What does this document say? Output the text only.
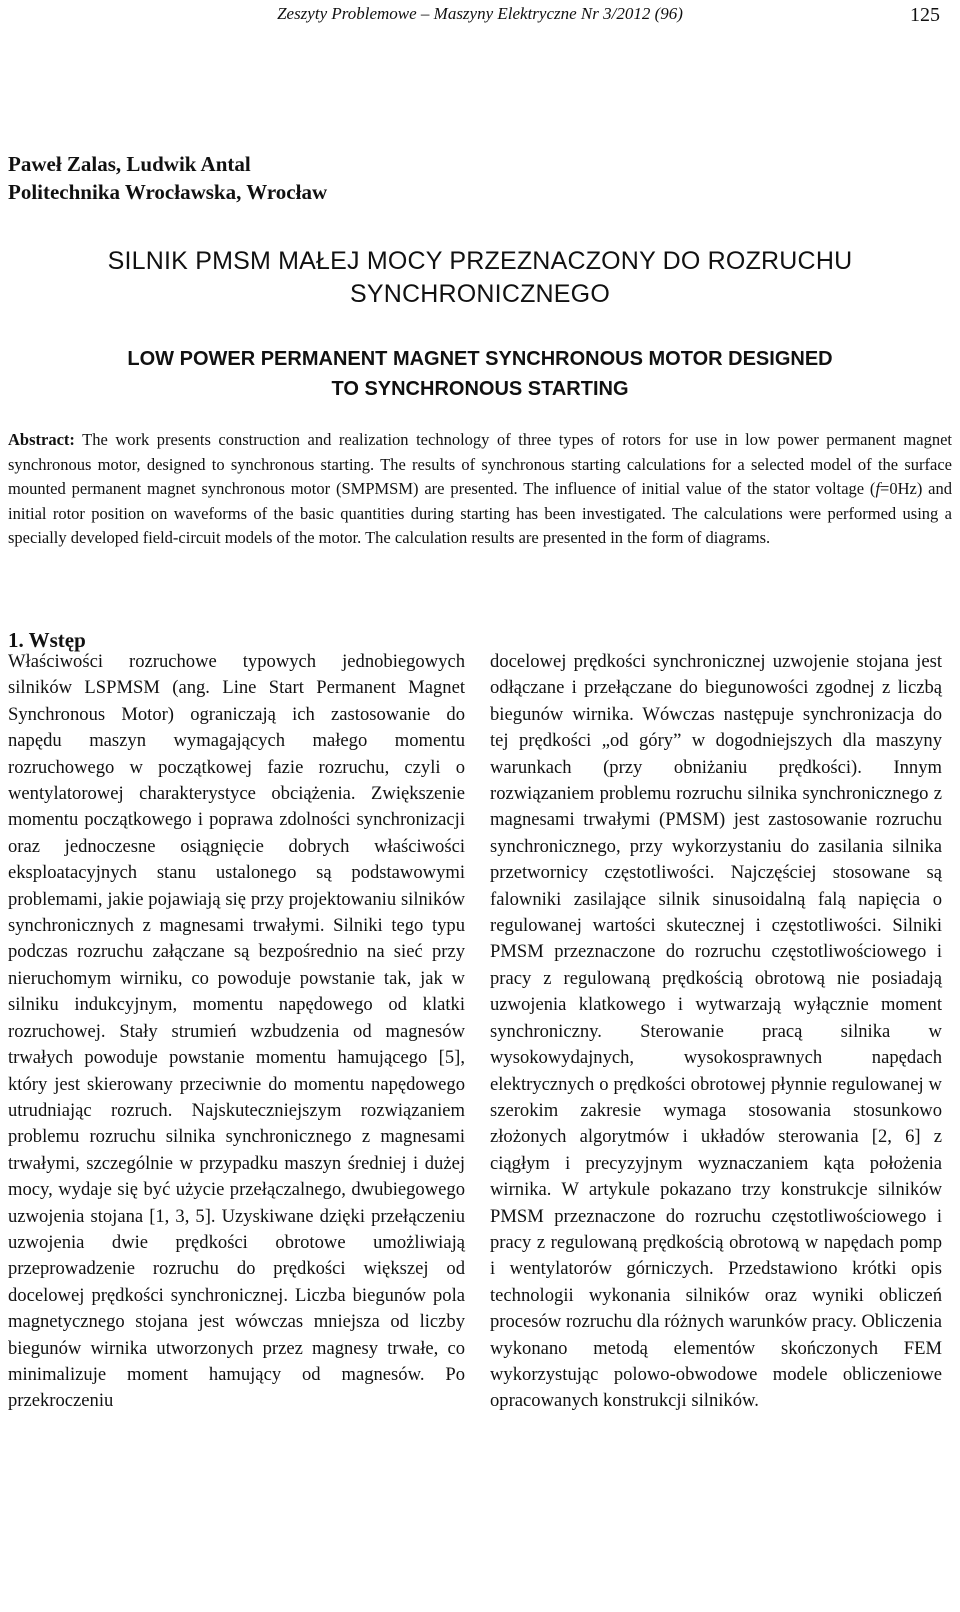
Zeszyty Problemowe – Maszyny Elektryczne Nr 3/2012 (96)	125
Paweł Zalas, Ludwik Antal
Politechnika Wrocławska, Wrocław
SILNIK PMSM MAŁEJ MOCY PRZEZNACZONY DO ROZRUCHU
SYNCHRONICZNEGO
LOW POWER PERMANENT MAGNET SYNCHRONOUS MOTOR DESIGNED
TO SYNCHRONOUS STARTING
Abstract: The work presents construction and realization technology of three types of rotors for use in low power permanent magnet synchronous motor, designed to synchronous starting. The results of synchronous starting calculations for a selected model of the surface mounted permanent magnet synchronous motor (SMPMSM) are presented. The influence of initial value of the stator voltage (f=0Hz) and initial rotor position on waveforms of the basic quantities during starting has been investigated. The calculations were performed using a specially developed field-circuit models of the motor. The calculation results are presented in the form of diagrams.
1. Wstęp
Właściwości rozruchowe typowych jednobiegowych silników LSPMSM (ang. Line Start Permanent Magnet Synchronous Motor) ograniczają ich zastosowanie do napędu maszyn wymagających małego momentu rozruchowego w początkowej fazie rozruchu, czyli o wentylatorowej charakterystyce obciążenia. Zwiększenie momentu początkowego i poprawa zdolności synchronizacji oraz jednoczesne osiągnięcie dobrych właściwości eksploatacyjnych stanu ustalonego są podstawowymi problemami, jakie pojawiają się przy projektowaniu silników synchronicznych z magnesami trwałymi. Silniki tego typu podczas rozruchu załączane są bezpośrednio na sieć przy nieruchomym wirniku, co powoduje powstanie tak, jak w silniku indukcyjnym, momentu napędowego od klatki rozruchowej. Stały strumień wzbudzenia od magnesów trwałych powoduje powstanie momentu hamującego [5], który jest skierowany przeciwnie do momentu napędowego utrudniając rozruch. Najskuteczniejszym rozwiązaniem problemu rozruchu silnika synchronicznego z magnesami trwałymi, szczególnie w przypadku maszyn średniej i dużej mocy, wydaje się być użycie przełączalnego, dwubiegowego uzwojenia stojana [1, 3, 5]. Uzyskiwane dzięki przełączeniu uzwojenia dwie prędkości obrotowe umożliwiają przeprowadzenie rozruchu do prędkości większej od docelowej prędkości synchronicznej. Liczba biegunów pola magnetycznego stojana jest wówczas mniejsza od liczby biegunów wirnika utworzonych przez magnesy trwałe, co minimalizuje moment hamujący od magnesów. Po przekroczeniu
docelowej prędkości synchronicznej uzwojenie stojana jest odłączane i przełączane do biegunowości zgodnej z liczbą biegunów wirnika. Wówczas następuje synchronizacja do tej prędkości „od góry” w dogodniejszych dla maszyny warunkach (przy obniżaniu prędkości). Innym rozwiązaniem problemu rozruchu silnika synchronicznego z magnesami trwałymi (PMSM) jest zastosowanie rozruchu synchronicznego, przy wykorzystaniu do zasilania silnika przetwornicy częstotliwości. Najczęściej stosowane są falowniki zasilające silnik sinusoidalną falą napięcia o regulowanej wartości skutecznej i częstotliwości. Silniki PMSM przeznaczone do rozruchu częstotliwościowego i pracy z regulowaną prędkością obrotową nie posiadają uzwojenia klatkowego i wytwarzają wyłącznie moment synchroniczny. Sterowanie pracą silnika w wysokowydajnych, wysokosprawnych napędach elektrycznych o prędkości obrotowej płynnie regulowanej w szerokim zakresie wymaga stosowania stosunkowo złożonych algorytmów i układów sterowania [2, 6] z ciągłym i precyzyjnym wyznaczaniem kąta położenia wirnika. W artykule pokazano trzy konstrukcje silników PMSM przeznaczone do rozruchu częstotliwościowego i pracy z regulowaną prędkością obrotową w napędach pomp i wentylatorów górniczych. Przedstawiono krótki opis technologii wykonania silników oraz wyniki obliczeń procesów rozruchu dla różnych warunków pracy. Obliczenia wykonano metodą elementów skończonych FEM wykorzystując polowo-obwodowe modele obliczeniowe opracowanych konstrukcji silników.
